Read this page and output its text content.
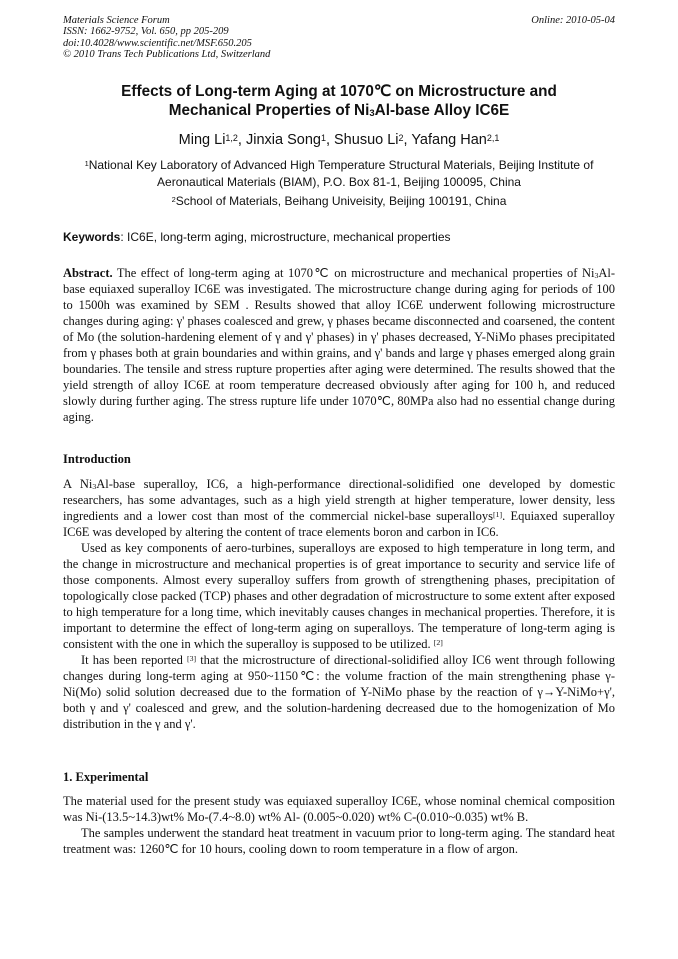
Materials Science Forum
ISSN: 1662-9752, Vol. 650, pp 205-209
doi:10.4028/www.scientific.net/MSF.650.205
© 2010 Trans Tech Publications Ltd, Switzerland
Online: 2010-05-04
Effects of Long-term Aging at 1070℃ on Microstructure and
Mechanical Properties of $Ni_3Al$-base Alloy IC6E
Ming Li$^{1,2}$, Jinxia Song$^1$, Shusuo Li$^2$, Yafang Han$^{2,1}$
$^1$National Key Laboratory of Advanced High Temperature Structural Materials, Beijing Institute of
Aeronautical Materials (BIAM), P.O. Box 81-1, Beijing 100095, China
$^2$School of Materials, Beihang Univeisity, Beijing 100191, China
Keywords: IC6E, long-term aging, microstructure, mechanical properties
Abstract. The effect of long-term aging at 1070℃ on microstructure and mechanical properties of $Ni_3Al$-base equiaxed superalloy IC6E was investigated. The microstructure change during aging for periods of 100 to 1500h was examined by SEM . Results showed that alloy IC6E underwent following microstructure changes during aging: γ' phases coalesced and grew, γ phases became disconnected and coarsened, the content of Mo (the solution-hardening element of γ and γ' phases) in γ' phases decreased, Y-NiMo phases precipitated from γ phases both at grain boundaries and within grains, and γ' bands and large γ phases emerged along grain boundaries. The tensile and stress rupture properties after aging were determined. The results showed that the yield strength of alloy IC6E at room temperature decreased obviously after aging for 100 h, and reduced slowly during further aging. The stress rupture life under 1070℃, 80MPa also had no essential change during aging.
Introduction

A $Ni_3Al$-base superalloy, IC6, a high-performance directional-solidified one developed by domestic researchers, has some advantages, such as a high yield strength at higher temperature, lower density, less ingredients and a lower cost than most of the commercial nickel-base superalloys[1]. Equiaxed superalloy IC6E was developed by altering the content of trace elements boron and carbon in IC6.

Used as key components of aero-turbines, superalloys are exposed to high temperature in long term, and the change in microstructure and mechanical properties is of great importance to security and service life of those components. Almost every superalloy suffers from growth of strengthening phases, precipitation of topologically close packed (TCP) phases and other degradation of microstructure to some extent after exposed to high temperature for a long time, which inevitably causes changes in mechanical properties. Therefore, it is important to determine the effect of long-term aging on superalloys. The temperature of long-term aging is consistent with the one in which the superalloy is supposed to be utilized. [2]

It has been reported [3] that the microstructure of directional-solidified alloy IC6 went through following changes during long-term aging at 950~1150℃: the volume fraction of the main strengthening phase γ-Ni(Mo) solid solution decreased due to the formation of Y-NiMo phase by the reaction of γ→Y-NiMo+γ', both γ and γ' coalesced and grew, and the solution-hardening decreased due to the homogenization of Mo distribution in the γ and γ'.

1. Experimental

The material used for the present study was equiaxed superalloy IC6E, whose nominal chemical composition was Ni-(13.5~14.3)wt% Mo-(7.4~8.0) wt% Al- (0.005~0.020) wt% C-(0.010~0.035) wt% B.

The samples underwent the standard heat treatment in vacuum prior to long-term aging. The standard heat treatment was: 1260℃ for 10 hours, cooling down to room temperature in a flow of argon.
